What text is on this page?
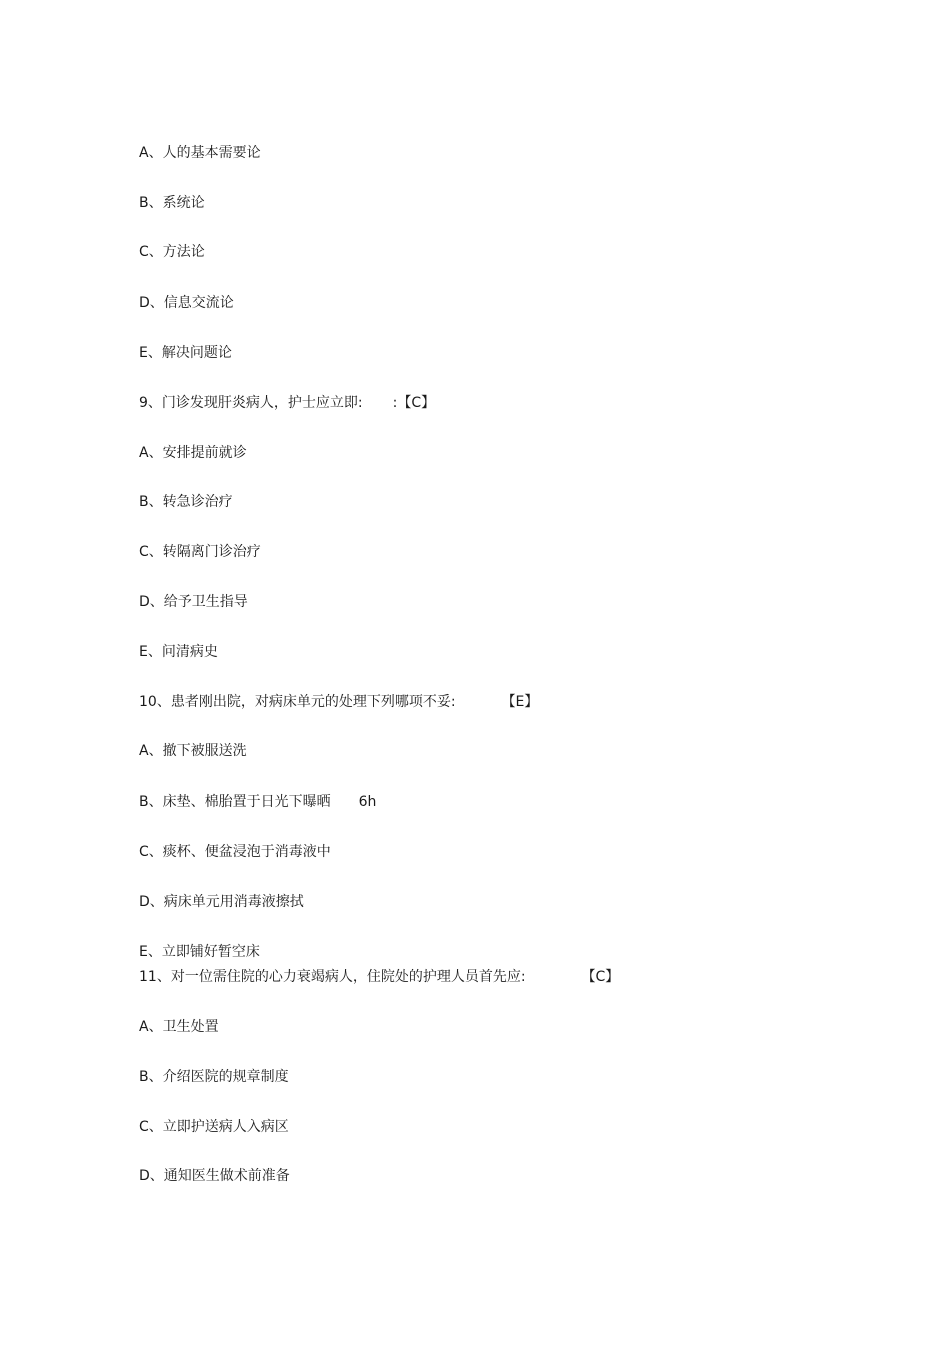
A、人的基本需要论
B、系统论
C、方法论
D、信息交流论
E、解决问题论
9、门诊发现肝炎病人，护士应立即: :【C】
A、安排提前就诊
B、转急诊治疗
C、转隔离门诊治疗
D、给予卫生指导
E、问清病史
10、患者刚出院，对病床单元的处理下列哪项不妥:	【E】
A、撤下被服送洗
B、床垫、棉胎置于日光下曝晒 6h
C、痰杯、便盆浸泡于消毒液中
D、病床单元用消毒液擦拭
E、立即铺好暂空床
11、对一位需住院的心力衰竭病人，住院处的护理人员首先应:	【C】
A、卫生处置
B、介绍医院的规章制度
C、立即护送病人入病区
D、通知医生做术前准备
